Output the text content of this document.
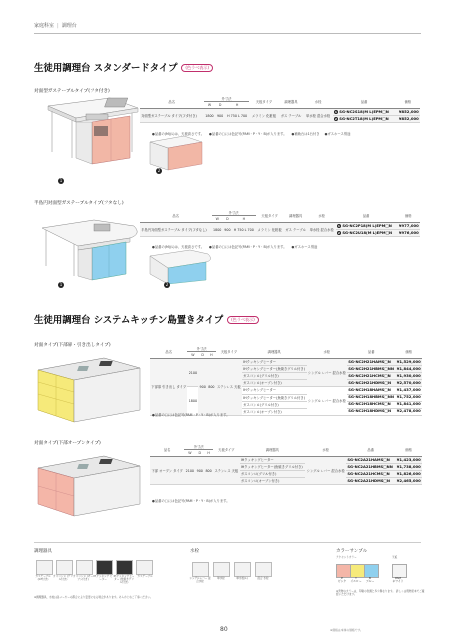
家庭科室 | 調理台
生徒用調理台 スタンダードタイプ (色ラベ表示)
対面型ガステーブルタイプ(フタ付き)
1
2
品名	外寸法			天板タイプ	調理器具	水栓	品番	価格
	W	D	H					
対面型ガステーブル タイプ(フタ付き)	1800	900	H 750 L 700	メラミン 化粧板	ガス テーブル	単水栓 混合水栓	1 SG-NC2S18(M L)EPM□N	¥852,000
							2 SG-NC2T18(M L)EPM□N	¥852,000
●品番の(M)(L)は、天板高さです。 ●品番の□には色記号(PAM・P・Y・B)が入ります。 ●補助台は1台付き ●ガスホース別途
半島円対面型ガステーブルタイプ(フタなし)
1	2
品名	外寸法			天板タイプ	調理器具	水栓	品番	価格
	W	D	H					
半島円対面型ガステーブル タイプ(フタなし)	1800	900	H 750 L 700	メラミン 化粧板	ガス テーブル	単水栓 混合水栓	1 SG-NC2P18(M L)EPM□N	¥977,000
							2 SG-NC2U18(M L)EPM□N	¥976,000
●品番の(M)(L)は、天板高さです。 ●品番の□には色記号(PAM・P・Y・B)が入ります。 ●ガスホース別途
生徒用調理台 システムキッチン島置きタイプ (色ラベ表示)
対面タイプ(下部扉・引き出しタイプ)
品名	外寸法			天板タイプ	調理器具	水栓	品番	価格
	W	D	H					
下部扉 引き出し タイプ	2100	900	800	ステンレス 天板	IHクッキングヒーター	シングル レバー 混合水栓	SG-NC2H21HAMS□N	¥1,529,000
					IHクッキングヒーター(魚焼きグリル付き)		SG-NC2H21HBMS□NN	¥1,844,000
					ガスコンロ(グリル付き)		SG-NC2H21HCMS□N	¥1,930,000
					ガスコンロ(オーブン付き)		SG-NC2H21HDMS□N	¥2,570,000
	1800				IHクッキングヒーター	シングル レバー 混合水栓	SG-NC2H18HAMS□N	¥1,437,000
					IHクッキングヒーター(魚焼きグリル付き)		SG-NC2H18HBMS□NN	¥1,752,000
					ガスコンロ(グリル付き)		SG-NC2H18HCMS□N	¥1,841,000
					ガスコンロ(オーブン付き)		SG-NC2H18HDMS□N	¥2,478,000
●品番の□には色記号(PAM・P・Y・B)が入ります。
対面タイプ(下部オープンタイプ)
品名	外寸法			天板タイプ	調理器具	水栓	品番	価格
	W	D	H					
下部 オープン タイプ	2100	900	800	ステンレス 天板	IHクッキングヒーター	シングル レバー 混合水栓	SG-NC2A21HAMS□N	¥1,423,000
					IHクッキングヒーター(魚焼きグリル付き)		SG-NC2A21HBMS□NN	¥1,738,000
					ガスコンロ(グリル付き)		SG-NC2A21HCMS□N	¥1,826,000
					ガスコンロ(オーブン付き)		SG-NC2A21HDMS□N	¥2,465,000
●品番の□には色記号(PAM・P・Y・B)が入ります。
調理器具
ガステーブル (GT付き)
ガスコンロ (グリル付き)
ガスコンロ (オーブン付き)
IHクッキング ヒーター
IHクッキングヒーター (魚焼きグリル付き)
ガステーブル
※調理器具、水栓は各メーカーの都合により変更になる場合があります。あらかじめご了承ください。
水栓
シングルレバー 混合水栓
単水栓	単水栓(L)	混合 水栓
カラーサンプル
アクセントカラー	天板
P
ピンク
Y
イエロー
B
ブルー
PAM
ホワイト
※実物のカラーは、印刷の色調と多少異なります。 詳しくは現物見本でご確認いただけます。
80	※価格は本体の価格です。
